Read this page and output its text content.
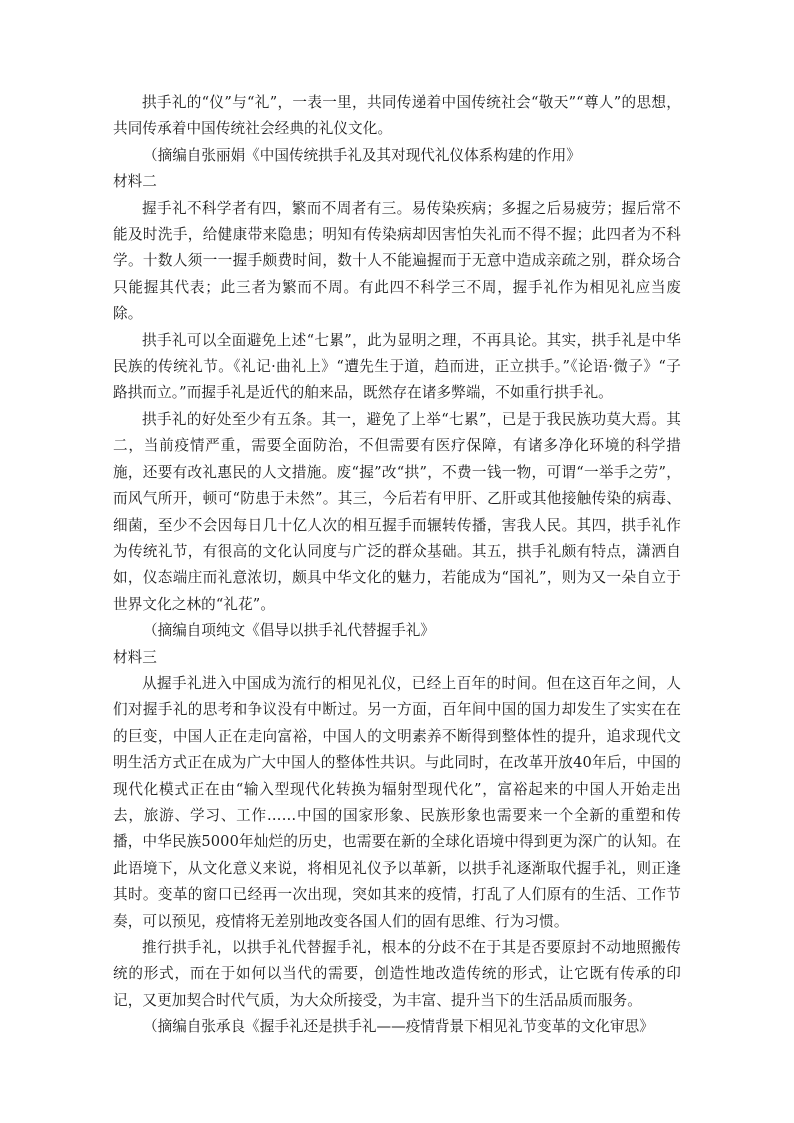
拱手礼的“仪”与“礼”，一表一里，共同传递着中国传统社会“敬天”“尊人”的思想，共同传承着中国传统社会经典的礼仪文化。

（摘编自张丽娟《中国传统拱手礼及其对现代礼仪体系构建的作用》

材料二

握手礼不科学者有四，繁而不周者有三。易传染疾病；多握之后易疲劳；握后常不能及时洗手，给健康带来隐患；明知有传染病却因害怕失礼而不得不握；此四者为不科学。十数人须一一握手颇费时间，数十人不能遍握而于无意中造成亲疏之别，群众场合只能握其代表；此三者为繁而不周。有此四不科学三不周，握手礼作为相见礼应当废除。

拱手礼可以全面避免上述“七累”，此为显明之理，不再具论。其实，拱手礼是中华民族的传统礼节。《礼记·曲礼上》“遭先生于道，趋而进，正立拱手。”《论语·微子》“子路拱而立。”而握手礼是近代的舶来品，既然存在诸多弊端，不如重行拱手礼。

拱手礼的好处至少有五条。其一，避免了上举“七累”，已是于我民族功莫大焉。其二，当前疫情严重，需要全面防治，不但需要有医疗保障，有诸多净化环境的科学措施，还要有改礼惠民的人文措施。废“握”改“拱”，不费一钱一物，可谓“一举手之劳”，而风气所开，顿可“防患于未然”。其三，今后若有甲肝、乙肝或其他接触传染的病毒、细菌，至少不会因每日几十亿人次的相互握手而辗转传播，害我人民。其四，拱手礼作为传统礼节，有很高的文化认同度与广泛的群众基础。其五，拱手礼颇有特点，潇洒自如，仪态端庄而礼意浓切，颇具中华文化的魅力，若能成为“国礼”，则为又一朵自立于世界文化之林的“礼花”。

（摘编自项纯文《倡导以拱手礼代替握手礼》

材料三

从握手礼进入中国成为流行的相见礼仪，已经上百年的时间。但在这百年之间，人们对握手礼的思考和争议没有中断过。另一方面，百年间中国的国力却发生了实实在在的巨变，中国人正在走向富裕，中国人的文明素养不断得到整体性的提升，追求现代文明生活方式正在成为广大中国人的整体性共识。与此同时，在改革开放40年后，中国的现代化模式正在由“输入型现代化转换为辐射型现代化”，富裕起来的中国人开始走出去，旅游、学习、工作……中国的国家形象、民族形象也需要来一个全新的重塑和传播，中华民族5000年灿烂的历史，也需要在新的全球化语境中得到更为深广的认知。在此语境下，从文化意义来说，将相见礼仪予以革新，以拱手礼逐渐取代握手礼，则正逢其时。变革的窗口已经再一次出现，突如其来的疫情，打乱了人们原有的生活、工作节奏，可以预见，疫情将无差别地改变各国人们的固有思维、行为习惯。

推行拱手礼，以拱手礼代替握手礼，根本的分歧不在于其是否要原封不动地照搬传统的形式，而在于如何以当代的需要，创造性地改造传统的形式，让它既有传承的印记，又更加契合时代气质，为大众所接受，为丰富、提升当下的生活品质而服务。

（摘编自张承良《握手礼还是拱手礼——疫情背景下相见礼节变革的文化审思》
